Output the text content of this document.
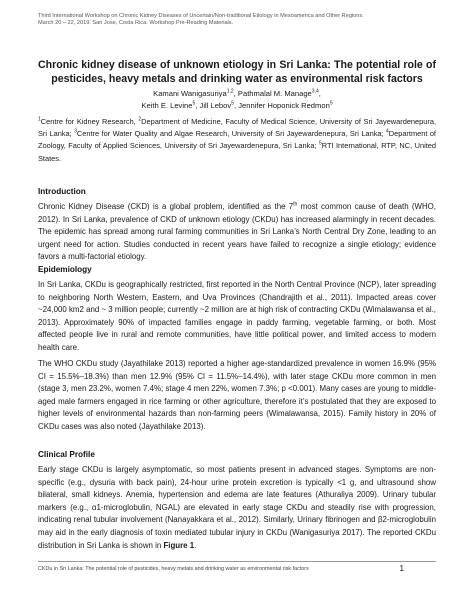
Third International Workshop on Chronic Kidney Diseases of Uncertain/Non-traditional Etiology in Mesoamerica and Other Regions.
March 20 – 22, 2019. San Jose, Costa Rica. Workshop Pre-Reading Materials.
Chronic kidney disease of unknown etiology in Sri Lanka: The potential role of pesticides, heavy metals and drinking water as environmental risk factors
Kamani Wanigasuriya$^{1,2}$, Pathmalal M. Manage$^{3,4}$,
Keith E. Levine$^5$, Jill Lebov$^5$, Jennifer Hoponick Redmon$^5$
$^1$Centre for Kidney Research, $^2$Department of Medicine, Faculty of Medical Science, University of Sri Jayewardenepura, Sri Lanka; $^3$Centre for Water Quality and Algae Research, University of Sri Jayewardenepura, Sri Lanka; $^4$Department of Zoology, Faculty of Applied Sciences, University of Sri Jayewardenepura, Sri Lanka; $^5$RTI International, RTP, NC, United States.
Introduction

Chronic Kidney Disease (CKD) is a global problem, identified as the 7th most common cause of death (WHO, 2012). In Sri Lanka, prevalence of CKD of unknown etiology (CKDu) has increased alarmingly in recent decades. The epidemic has spread among rural farming communities in Sri Lanka’s North Central Dry Zone, leading to an urgent need for action. Studies conducted in recent years have failed to recognize a single etiology; evidence favors a multi-factorial etiology.

Epidemiology

In Sri Lanka, CKDu is geographically restricted, first reported in the North Central Province (NCP), later spreading to neighboring North Western, Eastern, and Uva Provinces (Chandrajith et al., 2011). Impacted areas cover ~24,000 km2 and ~ 3 million people; currently ~2 million are at high risk of contracting CKDu (Wimalawansa et al., 2013). Approximately 90% of impacted families engage in paddy farming, vegetable farming, or both. Most affected people live in rural and remote communities, have little political power, and limited access to modern health care.

The WHO CKDu study (Jayathilake 2013) reported a higher age-standardized prevalence in women 16.9% (95% CI = 15.5%–18.3%) than men 12.9% (95% CI = 11.5%–14.4%), with later stage CKDu more common in men (stage 3, men 23.2%, women 7.4%; stage 4 men 22%, women 7.3%; p <0.001). Many cases are young to middle-aged male farmers engaged in rice farming or other agriculture, therefore it’s postulated that they are exposed to higher levels of environmental hazards than non-farming peers (Wimalawansa, 2015). Family history in 20% of CKDu cases was also noted (Jayathilake 2013).

Clinical Profile

Early stage CKDu is largely asymptomatic, so most patients present in advanced stages. Symptoms are non-specific (e.g., dysuria with back pain), 24-hour urine protein excretion is typically <1 g, and ultrasound show bilateral, small kidneys. Anemia, hypertension and edema are late features (Athuraliya 2009). Urinary tubular markers (e.g., α1-microglobulin, NGAL) are elevated in early stage CKDu and steadily rise with progression, indicating renal tubular involvement (Nanayakkara et al., 2012). Similarly, Urinary fibrinogen and β2-microglobulin may aid in the early diagnosis of toxin mediated tubular injury in CKDu (Wanigasuriya 2017). The reported CKDu distribution in Sri Lanka is shown in Figure 1.

CKDu in Sri Lanka: The potential role of pesticides, heavy metals and drinking water as environmental risk factors	1
